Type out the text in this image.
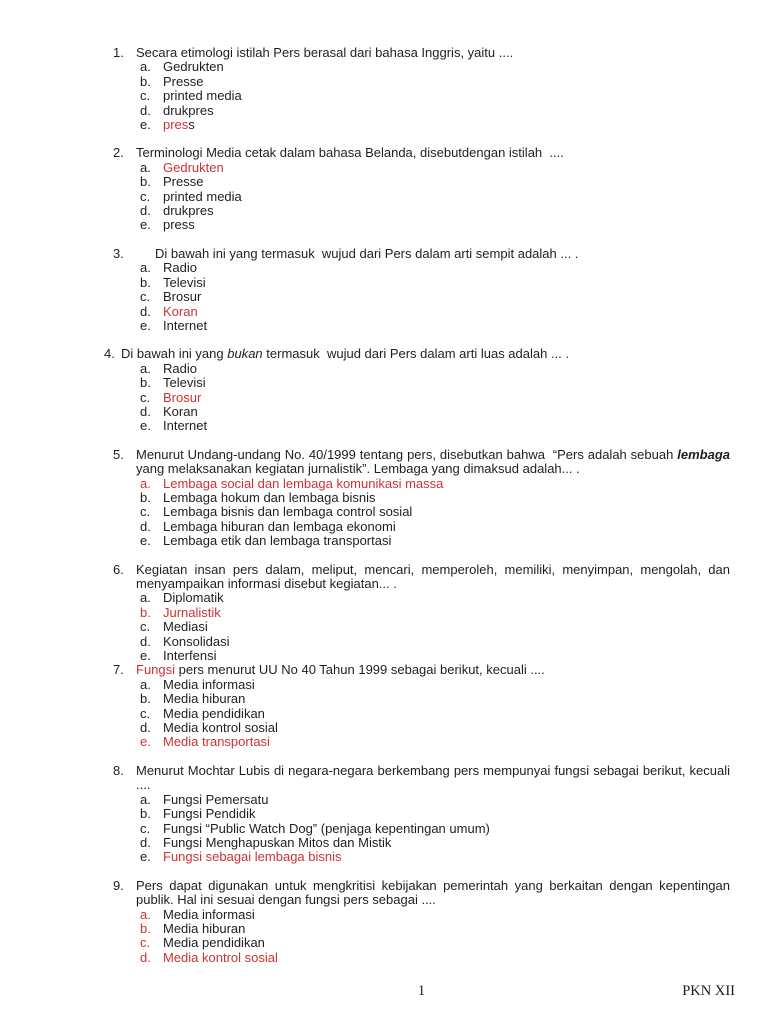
1. Secara etimologi istilah Pers berasal dari bahasa Inggris, yaitu ....
a. Gedrukten
b. Presse
c. printed media
d. drukpres
e. press
2. Terminologi Media cetak dalam bahasa Belanda, disebutdengan istilah  ....
a. Gedrukten
b. Presse
c. printed media
d. drukpres
e. press
3.	Di bawah ini yang termasuk  wujud dari Pers dalam arti sempit adalah ... .
a. Radio
b. Televisi
c. Brosur
d. Koran
e. Internet
4. Di bawah ini yang bukan termasuk  wujud dari Pers dalam arti luas adalah ... .
a. Radio
b. Televisi
c. Brosur
d. Koran
e. Internet
5. Menurut Undang-undang No. 40/1999 tentang pers, disebutkan bahwa  “Pers adalah sebuah lembaga yang melaksanakan kegiatan jurnalistik”. Lembaga yang dimaksud adalah... .
a. Lembaga social dan lembaga komunikasi massa
b. Lembaga hokum dan lembaga bisnis
c. Lembaga bisnis dan lembaga control sosial
d. Lembaga hiburan dan lembaga ekonomi
e. Lembaga etik dan lembaga transportasi
6. Kegiatan insan pers dalam, meliput, mencari, memperoleh, memiliki, menyimpan, mengolah, dan menyampaikan informasi disebut kegiatan... .
a. Diplomatik
b. Jurnalistik
c. Mediasi
d. Konsolidasi
e. Interfensi
7. Fungsi pers menurut UU No 40 Tahun 1999 sebagai berikut, kecuali ....
a. Media informasi
b. Media hiburan
c. Media pendidikan
d. Media kontrol sosial
e. Media transportasi
8. Menurut Mochtar Lubis di negara-negara berkembang pers mempunyai fungsi sebagai berikut, kecuali ....
a. Fungsi Pemersatu
b. Fungsi Pendidik
c. Fungsi “Public Watch Dog” (penjaga kepentingan umum)
d. Fungsi Menghapuskan Mitos dan Mistik
e. Fungsi sebagai lembaga bisnis
9. Pers dapat digunakan untuk mengkritisi kebijakan pemerintah yang berkaitan dengan kepentingan publik. Hal ini sesuai dengan fungsi pers sebagai ....
a. Media informasi
b. Media hiburan
c. Media pendidikan
d. Media kontrol sosial
1	PKN XII
